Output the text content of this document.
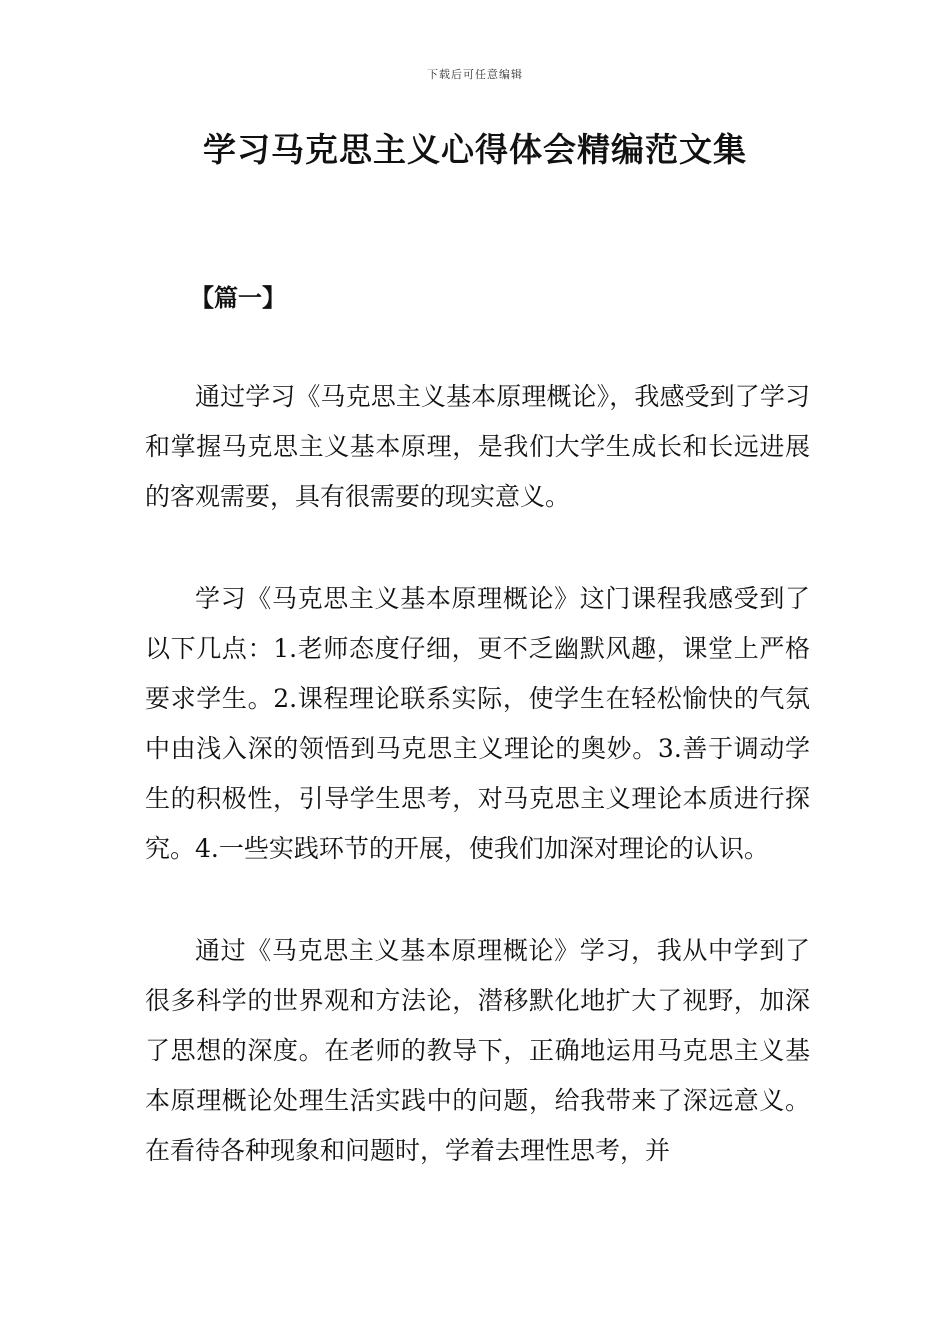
下载后可任意编辑
学习马克思主义心得体会精编范文集
【篇一】

通过学习《马克思主义基本原理概论》，我感受到了学习和掌握马克思主义基本原理，是我们大学生成长和长远进展的客观需要，具有很需要的现实意义。

学习《马克思主义基本原理概论》这门课程我感受到了以下几点：1.老师态度仔细，更不乏幽默风趣，课堂上严格要求学生。2.课程理论联系实际，使学生在轻松愉快的气氛中由浅入深的领悟到马克思主义理论的奥妙。3.善于调动学生的积极性，引导学生思考，对马克思主义理论本质进行探究。4.一些实践环节的开展，使我们加深对理论的认识。

通过《马克思主义基本原理概论》学习，我从中学到了很多科学的世界观和方法论，潜移默化地扩大了视野，加深了思想的深度。在老师的教导下，正确地运用马克思主义基本原理概论处理生活实践中的问题，给我带来了深远意义。在看待各种现象和问题时，学着去理性思考，并
